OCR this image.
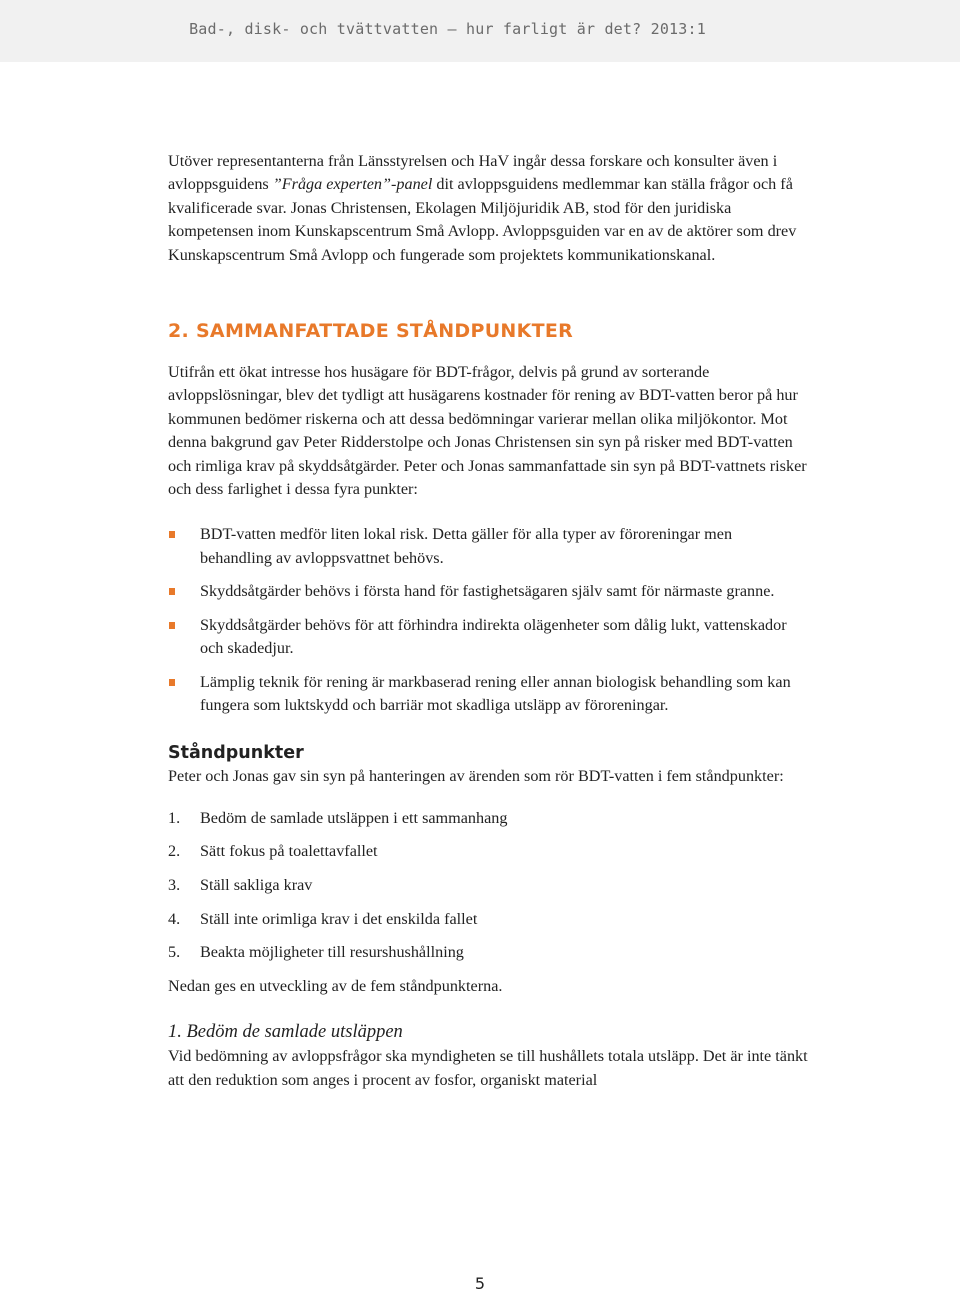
Bad-, disk- och tvättvatten – hur farligt är det? 2013:1

Utöver representanterna från Länsstyrelsen och HaV ingår dessa forskare och konsulter även i avloppsguidens ”Fråga experten”-panel dit avloppsguidens medlemmar kan ställa frågor och få kvalificerade svar. Jonas Christensen, Ekolagen Miljöjuridik AB, stod för den juridiska kompetensen inom Kunskapscentrum Små Avlopp. Avloppsguiden var en av de aktörer som drev Kunskapscentrum Små Avlopp och fungerade som projektets kommunikationskanal.

2. SAMMANFATTADE STÅNDPUNKTER

Utifrån ett ökat intresse hos husägare för BDT-frågor, delvis på grund av sorterande avloppslösningar, blev det tydligt att husägarens kostnader för rening av BDT-vatten beror på hur kommunen bedömer riskerna och att dessa bedömningar varierar mellan olika miljökontor. Mot denna bakgrund gav Peter Ridderstolpe och Jonas Christensen sin syn på risker med BDT-vatten och rimliga krav på skyddsåtgärder. Peter och Jonas sammanfattade sin syn på BDT-vattnets risker och dess farlighet i dessa fyra punkter:

BDT-vatten medför liten lokal risk. Detta gäller för alla typer av föroreningar men behandling av avloppsvattnet behövs.
Skyddsåtgärder behövs i första hand för fastighetsägaren själv samt för närmaste granne.
Skyddsåtgärder behövs för att förhindra indirekta olägenheter som dålig lukt, vattenskador och skadedjur.
Lämplig teknik för rening är markbaserad rening eller annan biologisk behandling som kan fungera som luktskydd och barriär mot skadliga utsläpp av föroreningar.

Ståndpunkter

Peter och Jonas gav sin syn på hanteringen av ärenden som rör BDT-vatten i fem ståndpunkter:

1. Bedöm de samlade utsläppen i ett sammanhang
2. Sätt fokus på toalettavfallet
3. Ställ sakliga krav
4. Ställ inte orimliga krav i det enskilda fallet
5. Beakta möjligheter till resurshushållning

Nedan ges en utveckling av de fem ståndpunkterna.

1. Bedöm de samlade utsläppen

Vid bedömning av avloppsfrågor ska myndigheten se till hushållets totala utsläpp. Det är inte tänkt att den reduktion som anges i procent av fosfor, organiskt material

5
